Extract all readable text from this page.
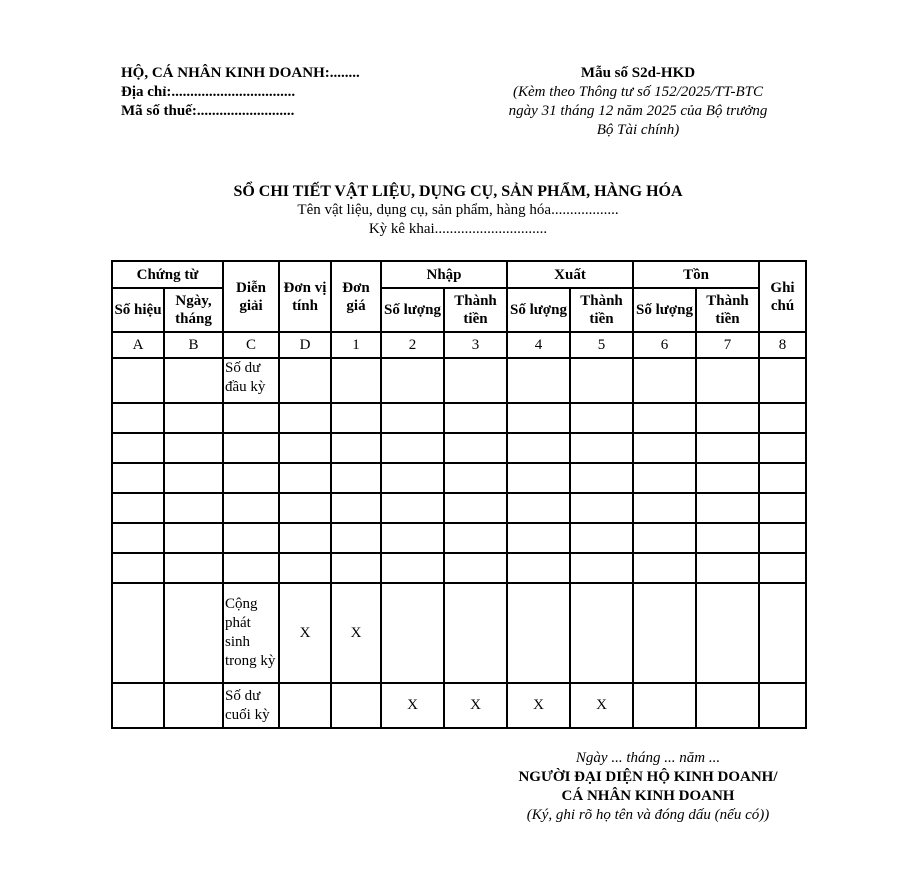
HỘ, CÁ NHÂN KINH DOANH:........
Địa chỉ:.................................
Mã số thuế:..........................
Mẫu số S2d-HKD
(Kèm theo Thông tư số 152/2025/TT-BTC
ngày 31 tháng 12 năm 2025 của Bộ trưởng
Bộ Tài chính)
SỔ CHI TIẾT VẬT LIỆU, DỤNG CỤ, SẢN PHẨM, HÀNG HÓA
Tên vật liệu, dụng cụ, sản phẩm, hàng hóa..................
Kỳ kê khai..............................
Chứng từ		Diễn giải	Đơn vị tính	Đơn giá	Nhập		Xuất		Tồn		Ghi chú
Số hiệu	Ngày, tháng				Số lượng	Thành tiền	Số lượng	Thành tiền	Số lượng	Thành tiền	
A	B	C	D	1	2	3	4	5	6	7	8
		Số dư đầu kỳ									

		Cộng phát sinh trong kỳ	X	X							
		Số dư cuối kỳ			X	X	X	X			
Ngày ... tháng ... năm ...
NGƯỜI ĐẠI DIỆN HỘ KINH DOANH/
CÁ NHÂN KINH DOANH
(Ký, ghi rõ họ tên và đóng dấu (nếu có))
